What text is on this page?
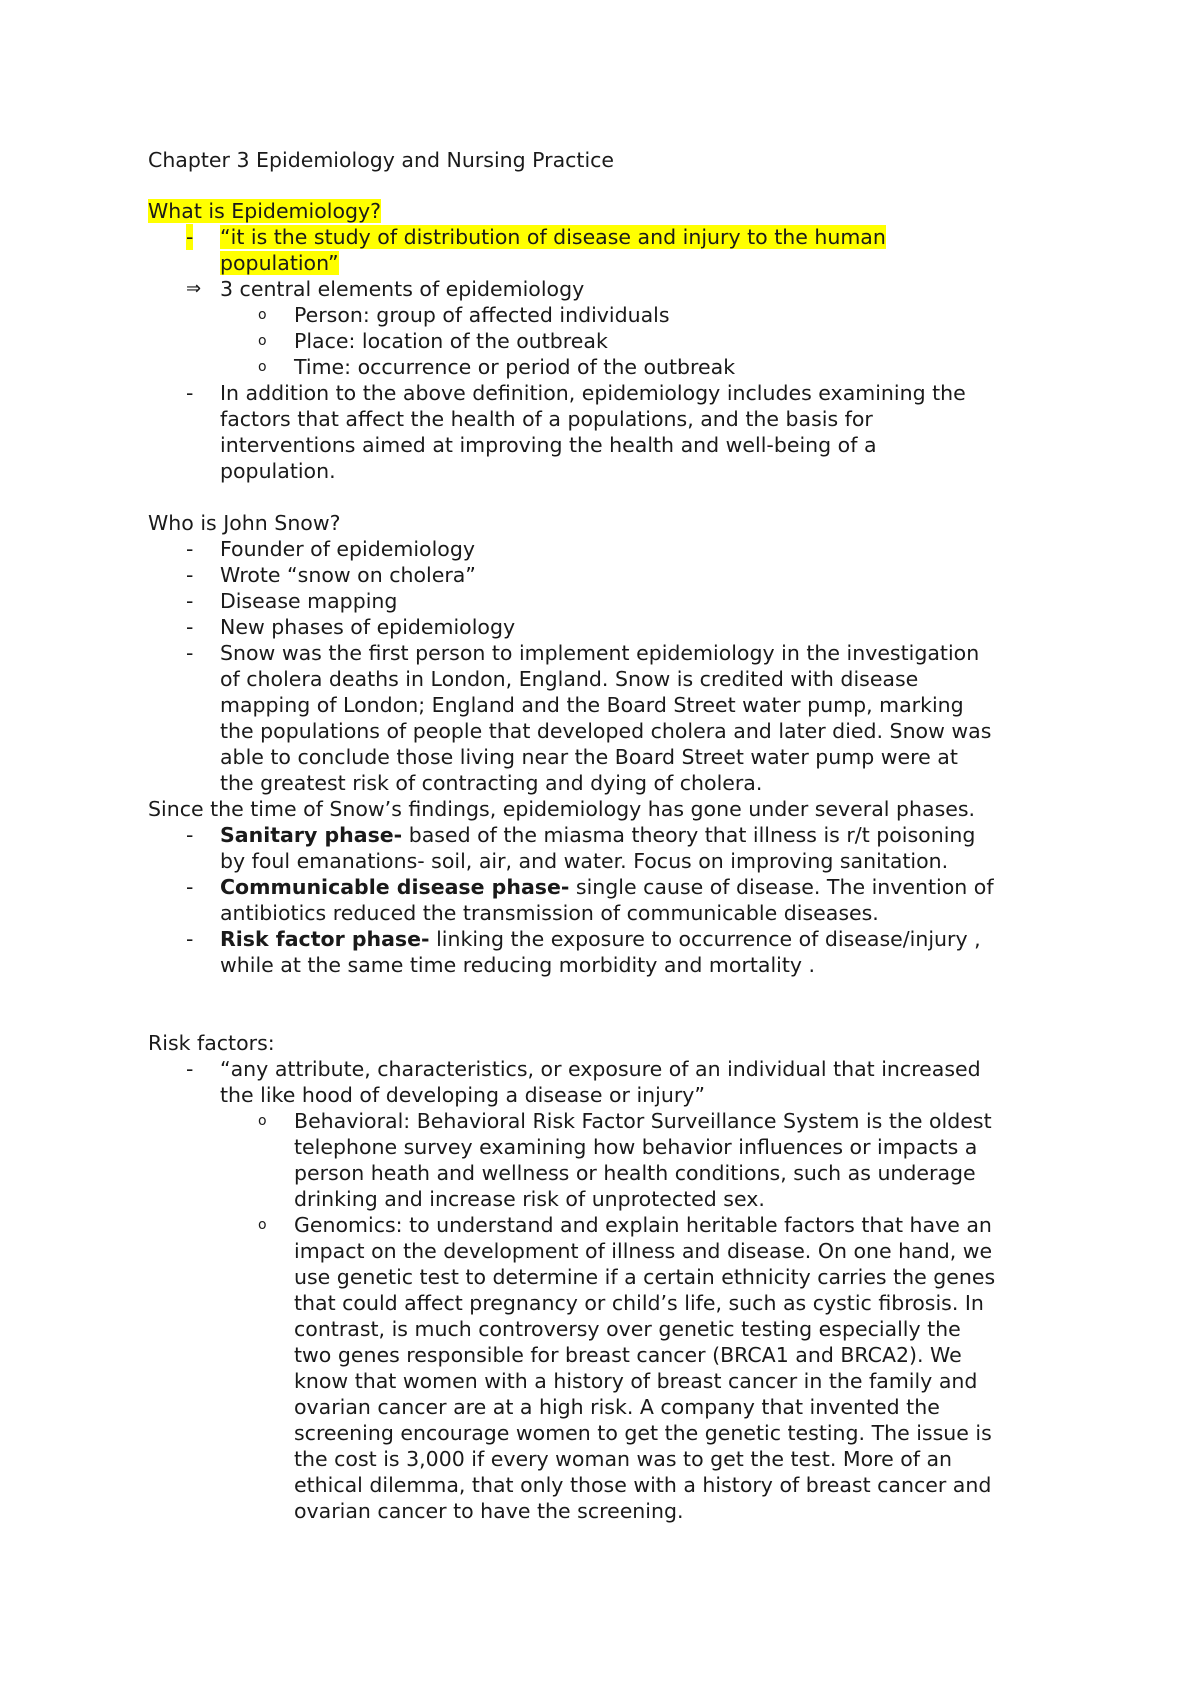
Chapter 3 Epidemiology and Nursing Practice
What is Epidemiology?
- “it is the study of distribution of disease and injury to the human
population”
⇒ 3 central elements of epidemiology
o Person: group of affected individuals
o Place: location of the outbreak
o Time: occurrence or period of the outbreak
- In addition to the above definition, epidemiology includes examining the
factors that affect the health of a populations, and the basis for
interventions aimed at improving the health and well-being of a
population.
Who is John Snow?
- Founder of epidemiology
- Wrote “snow on cholera”
- Disease mapping
- New phases of epidemiology
- Snow was the first person to implement epidemiology in the investigation
of cholera deaths in London, England. Snow is credited with disease
mapping of London; England and the Board Street water pump, marking
the populations of people that developed cholera and later died. Snow was
able to conclude those living near the Board Street water pump were at
the greatest risk of contracting and dying of cholera.
Since the time of Snow’s findings, epidemiology has gone under several phases.
- Sanitary phase- based of the miasma theory that illness is r/t poisoning
by foul emanations- soil, air, and water. Focus on improving sanitation.
- Communicable disease phase- single cause of disease. The invention of
antibiotics reduced the transmission of communicable diseases.
- Risk factor phase- linking the exposure to occurrence of disease/injury ,
while at the same time reducing morbidity and mortality .
Risk factors:
- “any attribute, characteristics, or exposure of an individual that increased
the like hood of developing a disease or injury”
o Behavioral: Behavioral Risk Factor Surveillance System is the oldest
telephone survey examining how behavior influences or impacts a
person heath and wellness or health conditions, such as underage
drinking and increase risk of unprotected sex.
o Genomics: to understand and explain heritable factors that have an
impact on the development of illness and disease. On one hand, we
use genetic test to determine if a certain ethnicity carries the genes
that could affect pregnancy or child’s life, such as cystic fibrosis. In
contrast, is much controversy over genetic testing especially the
two genes responsible for breast cancer (BRCA1 and BRCA2). We
know that women with a history of breast cancer in the family and
ovarian cancer are at a high risk. A company that invented the
screening encourage women to get the genetic testing. The issue is
the cost is 3,000 if every woman was to get the test. More of an
ethical dilemma, that only those with a history of breast cancer and
ovarian cancer to have the screening.
